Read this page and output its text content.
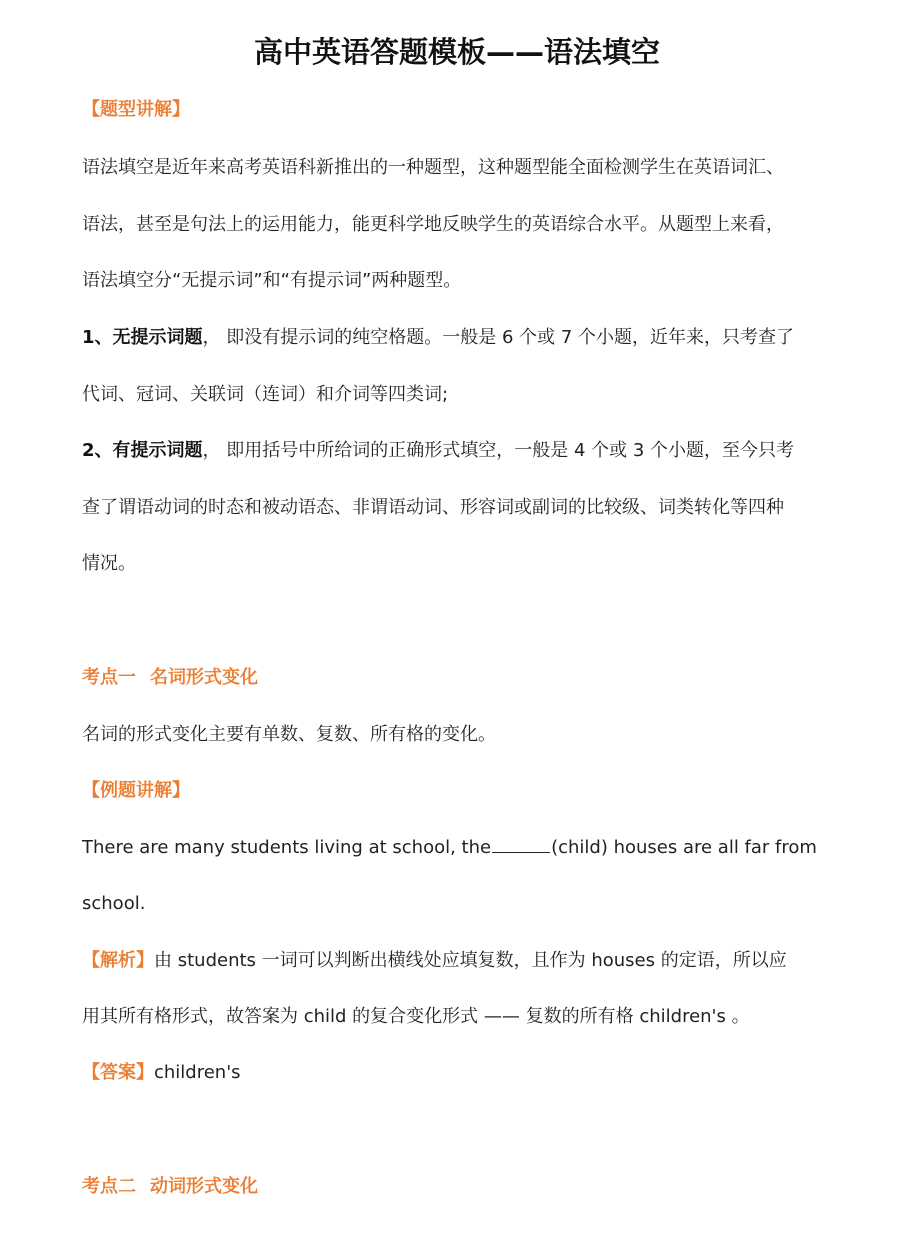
高中英语答题模板——语法填空
【题型讲解】
语法填空是近年来高考英语科新推出的一种题型，这种题型能全面检测学生在英语词汇、
语法，甚至是句法上的运用能力，能更科学地反映学生的英语综合水平。从题型上来看，
语法填空分“无提示词”和“有提示词”两种题型。
1、无提示词题， 即没有提示词的纯空格题。一般是 6 个或 7 个小题，近年来，只考查了
代词、冠词、关联词（连词）和介词等四类词;
2、有提示词题， 即用括号中所给词的正确形式填空，一般是 4 个或 3 个小题，至今只考
查了谓语动词的时态和被动语态、非谓语动词、形容词或副词的比较级、词类转化等四种
情况。
考点一 名词形式变化
名词的形式变化主要有单数、复数、所有格的变化。
【例题讲解】
There are many students living at school, the	(child) houses are all far from
school.
【解析】由 students 一词可以判断出横线处应填复数，且作为 houses 的定语，所以应
用其所有格形式，故答案为 child 的复合变化形式 —— 复数的所有格 children's 。
【答案】children's
考点二 动词形式变化
